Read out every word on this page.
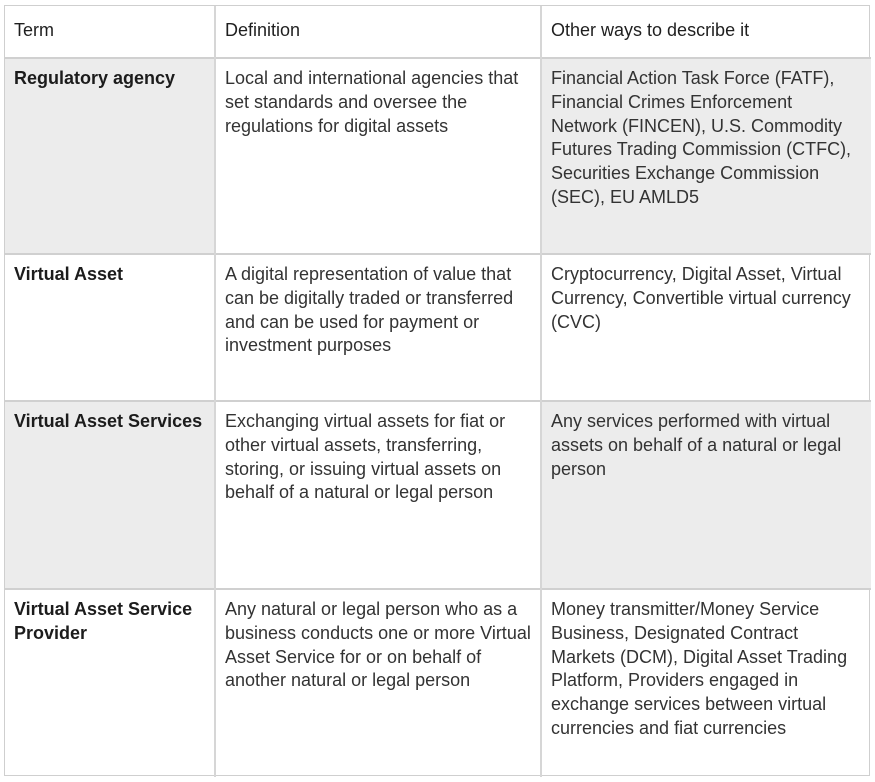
Term	Definition	Other ways to describe it
Regulatory agency	Local and international agencies that set standards and oversee the regulations for digital assets	Financial Action Task Force (FATF), Financial Crimes Enforcement Network (FINCEN), U.S. Commodity Futures Trading Commission (CTFC), Securities Exchange Commission (SEC), EU AMLD5
Virtual Asset	A digital representation of value that can be digitally traded or transferred and can be used for payment or investment purposes	Cryptocurrency, Digital Asset, Virtual Currency, Convertible virtual currency (CVC)
Virtual Asset Services	Exchanging virtual assets for fiat or other virtual assets, transferring, storing, or issuing virtual assets on behalf of a natural or legal person	Any services performed with virtual assets on behalf of a natural or legal person
Virtual Asset Service Provider	Any natural or legal person who as a business conducts one or more Virtual Asset Service for or on behalf of another natural or legal person	Money transmitter/Money Service Business, Designated Contract Markets (DCM), Digital Asset Trading Platform, Providers engaged in exchange services between virtual currencies and fiat currencies
